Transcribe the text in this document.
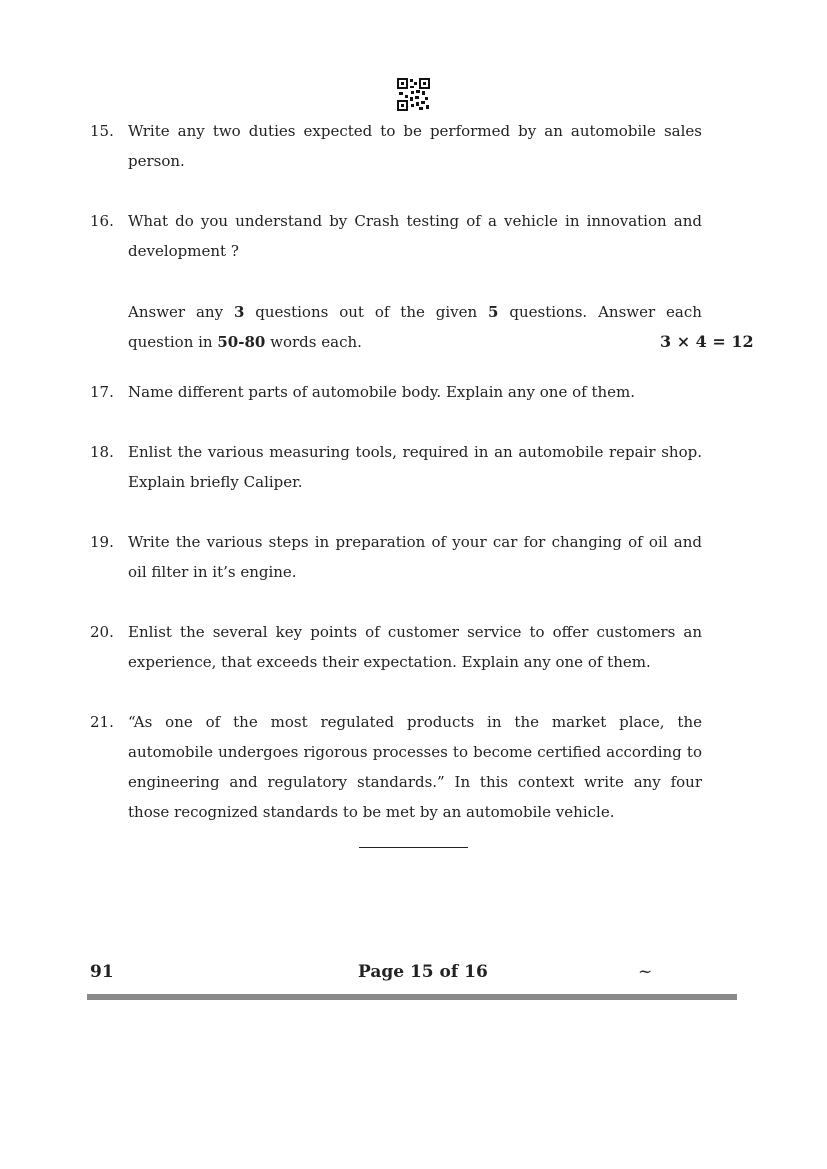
15. Write any two duties expected to be performed by an automobile sales person.
16. What do you understand by Crash testing of a vehicle in innovation and development ?
Answer any 3 questions out of the given 5 questions. Answer each question in 50-80 words each.	3 × 4 = 12
17. Name different parts of automobile body. Explain any one of them.
18. Enlist the various measuring tools, required in an automobile repair shop. Explain briefly Caliper.
19. Write the various steps in preparation of your car for changing of oil and oil filter in it’s engine.
20. Enlist the several key points of customer service to offer customers an experience, that exceeds their expectation. Explain any one of them.
21. “As one of the most regulated products in the market place, the automobile undergoes rigorous processes to become certified according to engineering and regulatory standards.” In this context write any four those recognized standards to be met by an automobile vehicle.
91	Page 15 of 16	~
